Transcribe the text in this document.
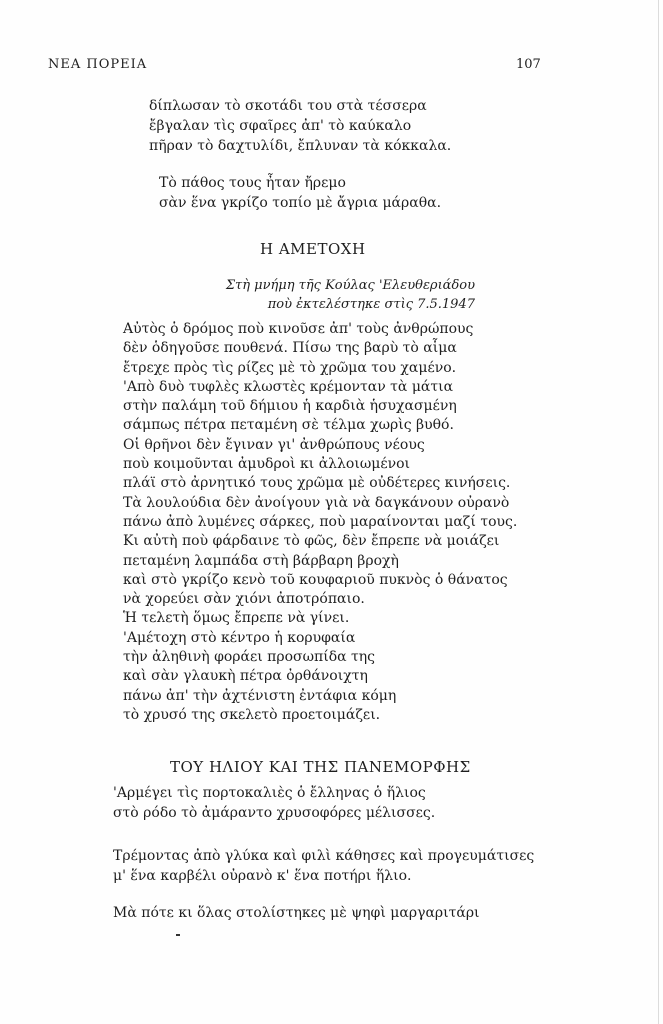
ΝΕΑ ΠΟΡΕΙΑ	107
δίπλωσαν τὸ σκοτάδι του στὰ τέσσερα
ἔβγαλαν τὶς σφαῖρες ἀπ' τὸ καύκαλο
πῆραν τὸ δαχτυλίδι, ἔπλυναν τὰ κόκκαλα.
Τὸ πάθος τους ἦταν ἤρεμο
σὰν ἕνα γκρίζο τοπίο μὲ ἄγρια μάραθα.
Η ΑΜΕΤΟΧΗ
Στὴ μνήμη τῆς Κούλας 'Ελευθεριάδου
ποὺ ἐκτελέστηκε στὶς 7.5.1947
Αὐτὸς ὁ δρόμος ποὺ κινοῦσε ἀπ' τοὺς ἀνθρώπους
δὲν ὁδηγοῦσε πουθενά. Πίσω της βαρὺ τὸ αἷμα
ἔτρεχε πρὸς τὶς ρίζες μὲ τὸ χρῶμα του χαμένο.
'Απὸ δυὸ τυφλὲς κλωστὲς κρέμονταν τὰ μάτια
στὴν παλάμη τοῦ δήμιου ἡ καρδιὰ ἡσυχασμένη
σάμπως πέτρα πεταμένη σὲ τέλμα χωρὶς βυθό.
Οἱ θρῆνοι δὲν ἔγιναν γι' ἀνθρώπους νέους
ποὺ κοιμοῦνται ἀμυδροὶ κι ἀλλοιωμένοι
πλάϊ στὸ ἀρνητικό τους χρῶμα μὲ οὐδέτερες κινήσεις.
Τὰ λουλούδια δὲν ἀνοίγουν γιὰ νὰ δαγκάνουν οὐρανὸ
πάνω ἀπὸ λυμένες σάρκες, ποὺ μαραίνονται μαζί τους.
Κι αὐτὴ ποὺ φάρδαινε τὸ φῶς, δὲν ἔπρεπε νὰ μοιάζει
πεταμένη λαμπάδα στὴ βάρβαρη βροχὴ
καὶ στὸ γκρίζο κενὸ τοῦ κουφαριοῦ πυκνὸς ὁ θάνατος
νὰ χορεύει σὰν χιόνι ἀποτρόπαιο.
Ἡ τελετὴ ὅμως ἔπρεπε νὰ γίνει.
'Αμέτοχη στὸ κέντρο ἡ κορυφαία
τὴν ἀληθινὴ φοράει προσωπίδα της
καὶ σὰν γλαυκὴ πέτρα ὀρθάνοιχτη
πάνω ἀπ' τὴν ἀχτένιστη ἐντάφια κόμη
τὸ χρυσό της σκελετὸ προετοιμάζει.
ΤΟΥ ΗΛΙΟΥ ΚΑΙ ΤΗΣ ΠΑΝΕΜΟΡΦΗΣ
'Αρμέγει τὶς πορτοκαλιὲς ὁ ἔλληνας ὁ ἥλιος
στὸ ρόδο τὸ ἀμάραντο χρυσοφόρες μέλισσες.
Τρέμοντας ἀπὸ γλύκα καὶ φιλὶ κάθησες καὶ προγευμάτισες
μ' ἕνα καρβέλι οὐρανὸ κ' ἕνα ποτήρι ἥλιο.
Μὰ πότε κι ὅλας στολίστηκες μὲ ψηφὶ μαργαριτάρι
